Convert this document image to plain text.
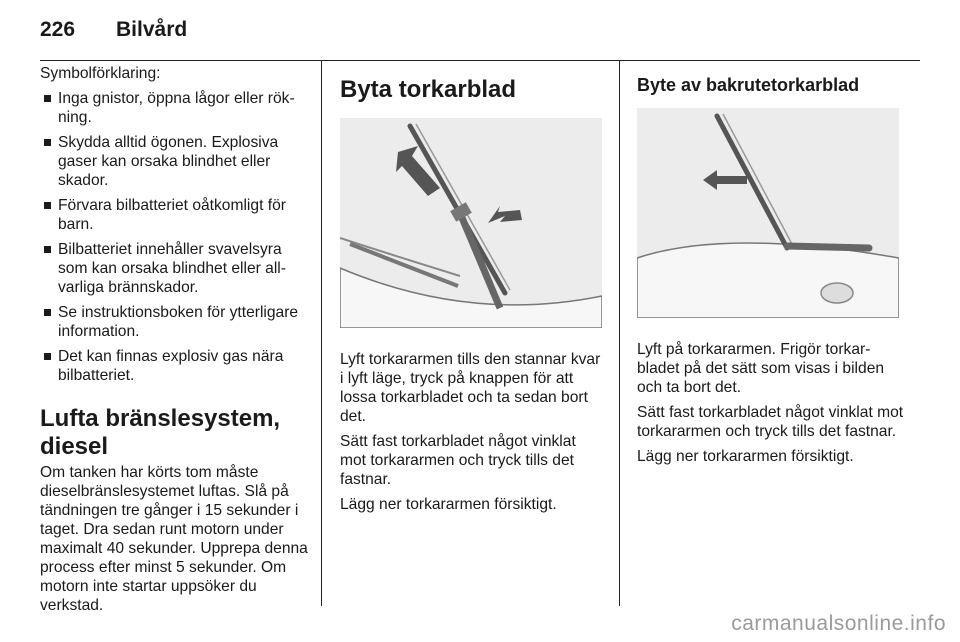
226 Bilvård

Symbolförklaring:

Inga gnistor, öppna lågor eller rök-ning.
Skydda alltid ögonen. Explosiva gaser kan orsaka blindhet eller skador.
Förvara bilbatteriet oåtkomligt för barn.
Bilbatteriet innehåller svavelsyra som kan orsaka blindhet eller all-varliga brännskador.
Se instruktionsboken för ytterligare information.
Det kan finnas explosiv gas nära bilbatteriet.
Lufta bränslesystem, diesel

Om tanken har körts tom måste dieselbränslesystemet luftas. Slå på tändningen tre gånger i 15 sekunder i taget. Dra sedan runt motorn under maximalt 40 sekunder. Upprepa denna process efter minst 5 sekunder. Om motorn inte startar uppsöker du verkstad.

Byta torkarblad

Lyft torkararmen tills den stannar kvar i lyft läge, tryck på knappen för att lossa torkarbladet och ta sedan bort det.

Sätt fast torkarbladet något vinklat mot torkararmen och tryck tills det fastnar.

Lägg ner torkararmen försiktigt.

Byte av bakrutetorkarblad

Lyft på torkararmen. Frigör torkar-bladet på det sätt som visas i bilden och ta bort det.

Sätt fast torkarbladet något vinklat mot torkararmen och tryck tills det fastnar.

Lägg ner torkararmen försiktigt.

carmanualsonline.info
